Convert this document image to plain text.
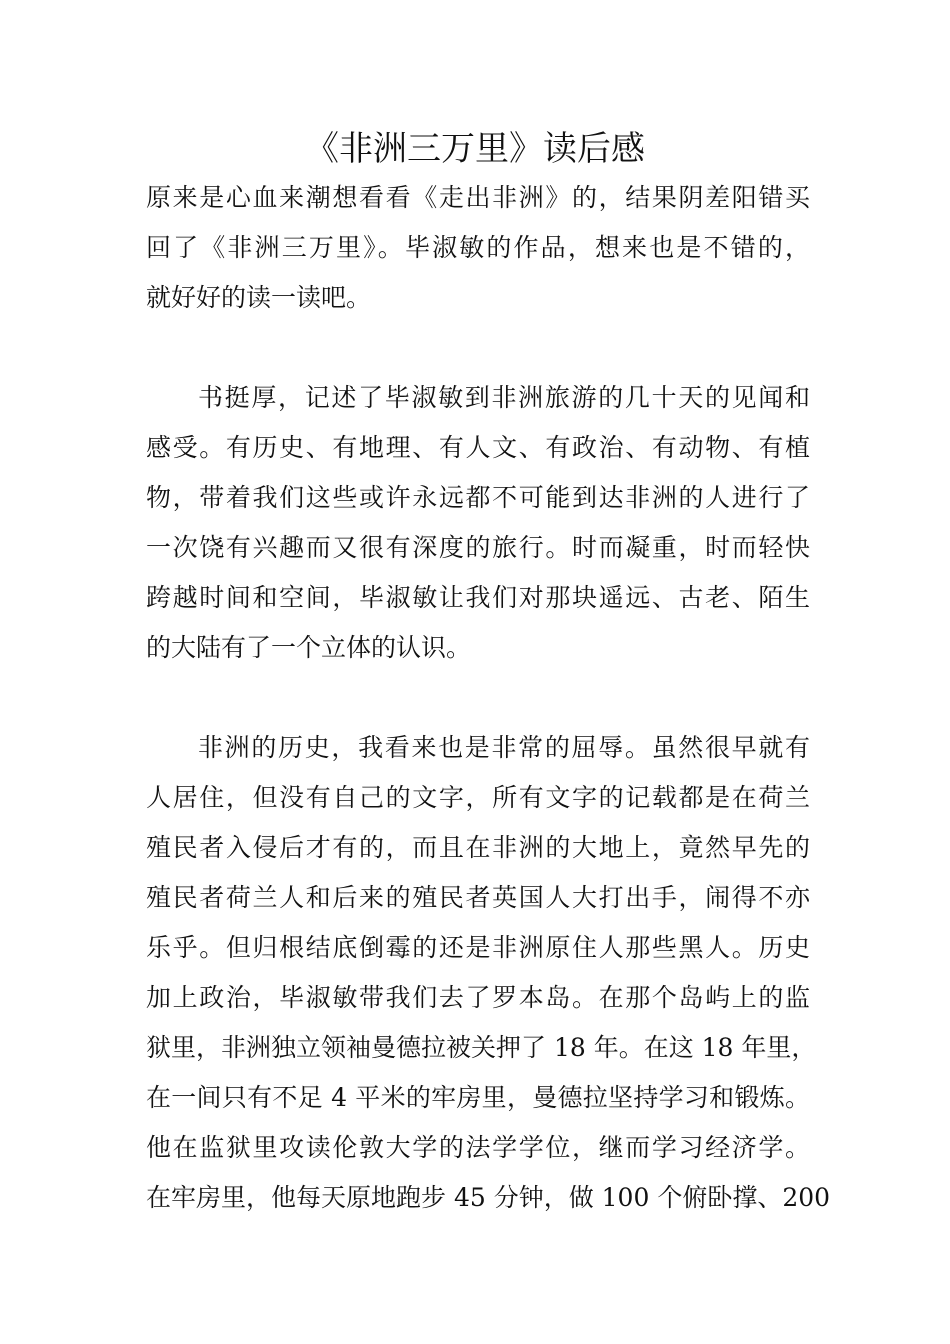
《非洲三万里》读后感
原来是心血来潮想看看《走出非洲》的，结果阴差阳错买
回了《非洲三万里》。毕淑敏的作品，想来也是不错的，
就好好的读一读吧。
书挺厚，记述了毕淑敏到非洲旅游的几十天的见闻和
感受。有历史、有地理、有人文、有政治、有动物、有植
物，带着我们这些或许永远都不可能到达非洲的人进行了
一次饶有兴趣而又很有深度的旅行。时而凝重，时而轻快
跨越时间和空间，毕淑敏让我们对那块遥远、古老、陌生
的大陆有了一个立体的认识。
非洲的历史，我看来也是非常的屈辱。虽然很早就有
人居住，但没有自己的文字，所有文字的记载都是在荷兰
殖民者入侵后才有的，而且在非洲的大地上，竟然早先的
殖民者荷兰人和后来的殖民者英国人大打出手，闹得不亦
乐乎。但归根结底倒霉的还是非洲原住人那些黑人。历史
加上政治，毕淑敏带我们去了罗本岛。在那个岛屿上的监
狱里，非洲独立领袖曼德拉被关押了 18 年。在这 18 年里，
在一间只有不足 4 平米的牢房里，曼德拉坚持学习和锻炼。
他在监狱里攻读伦敦大学的法学学位，继而学习经济学。
在牢房里，他每天原地跑步 45 分钟，做 100 个俯卧撑、200
